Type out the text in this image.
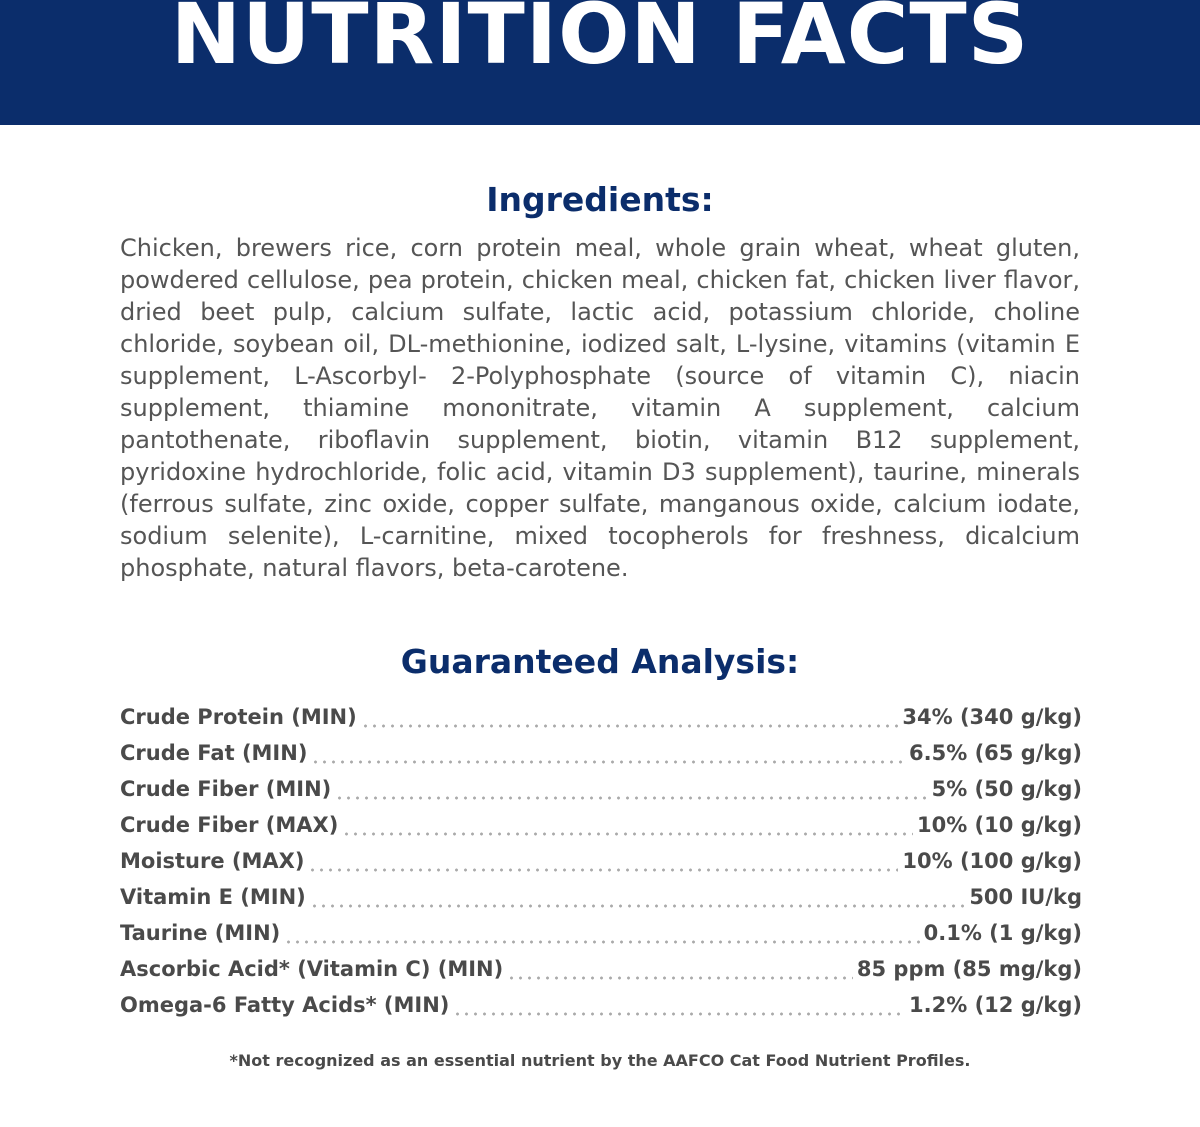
NUTRITION FACTS
Ingredients:

Chicken, brewers rice, corn protein meal, whole grain wheat, wheat gluten, powdered cellulose, pea protein, chicken meal, chicken fat, chicken liver flavor, dried beet pulp, calcium sulfate, lactic acid, potassium chloride, choline chloride, soybean oil, DL-methionine, iodized salt, L-lysine, vitamins (vitamin E supplement, L-Ascorbyl- 2-Polyphosphate (source of vitamin C), niacin supplement, thiamine mononitrate, vitamin A supplement, calcium pantothenate, riboflavin supplement, biotin, vitamin B12 supplement, pyridoxine hydrochloride, folic acid, vitamin D3 supplement), taurine, minerals (ferrous sulfate, zinc oxide, copper sulfate, manganous oxide, calcium iodate, sodium selenite), L-carnitine, mixed tocopherols for freshness, dicalcium phosphate, natural flavors, beta-carotene.

Guaranteed Analysis:
Crude Protein (MIN)	34% (340 g/kg)
Crude Fat (MIN)	6.5% (65 g/kg)
Crude Fiber (MIN)	5% (50 g/kg)
Crude Fiber (MAX)	10% (10 g/kg)
Moisture (MAX)	10% (100 g/kg)
Vitamin E (MIN)	500 IU/kg
Taurine (MIN)	0.1% (1 g/kg)
Ascorbic Acid* (Vitamin C) (MIN)	85 ppm (85 mg/kg)
Omega-6 Fatty Acids* (MIN)	1.2% (12 g/kg)
*Not recognized as an essential nutrient by the AAFCO Cat Food Nutrient Profiles.
